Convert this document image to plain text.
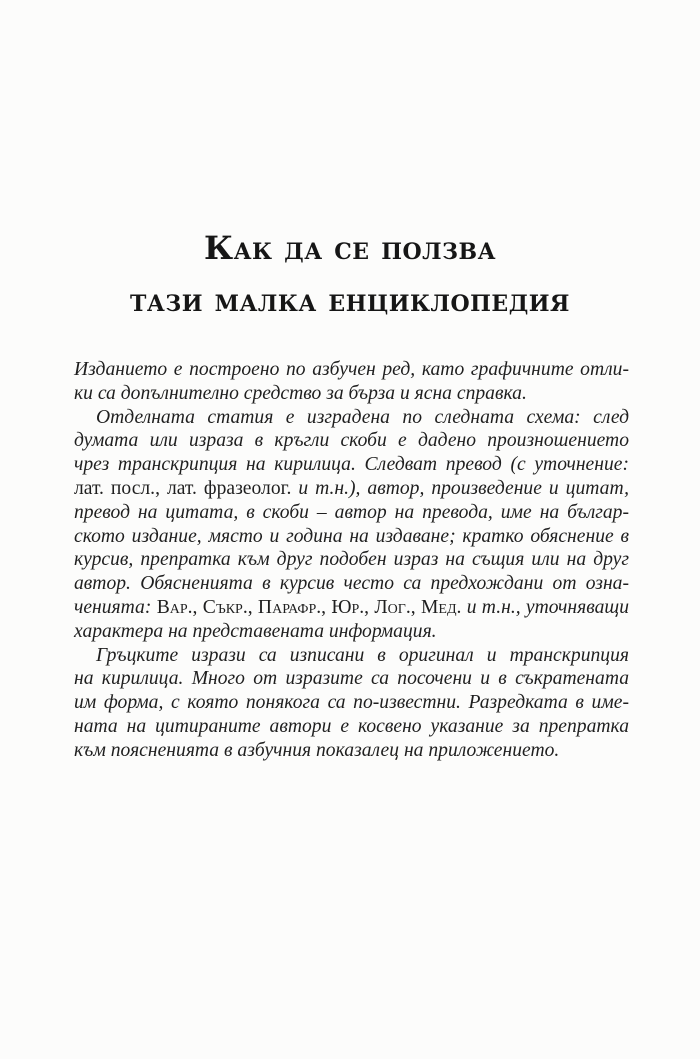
Как да се ползва
тази малка енциклопедия
Изданието е построено по азбучен ред, като графичните отли-
ки са допълнително средство за бърза и ясна справка.
Отделната статия е изградена по следната схема: след
думата или израза в кръгли скоби е дадено произношението
чрез транскрипция на кирилица. Следват превод (с уточнение:
лат. посл., лат. фразеолог. и т.н.), автор, произведение и цитат,
превод на цитата, в скоби – автор на превода, име на българ-
ското издание, място и година на издаване; кратко обяснение в
курсив, препратка към друг подобен израз на същия или на друг
автор. Обясненията в курсив често са предхождани от озна-
ченията: Вар., Съкр., Парафр., Юр., Лог., Мед. и т.н., уточняващи
характера на представената информация.
Гръцките изрази са изписани в оригинал и транскрипция
на кирилица. Много от изразите са посочени и в съкратената
им форма, с която понякога са по-известни. Разредката в име-
ната на цитираните автори е косвено указание за препратка
към поясненията в азбучния показалец на приложението.
